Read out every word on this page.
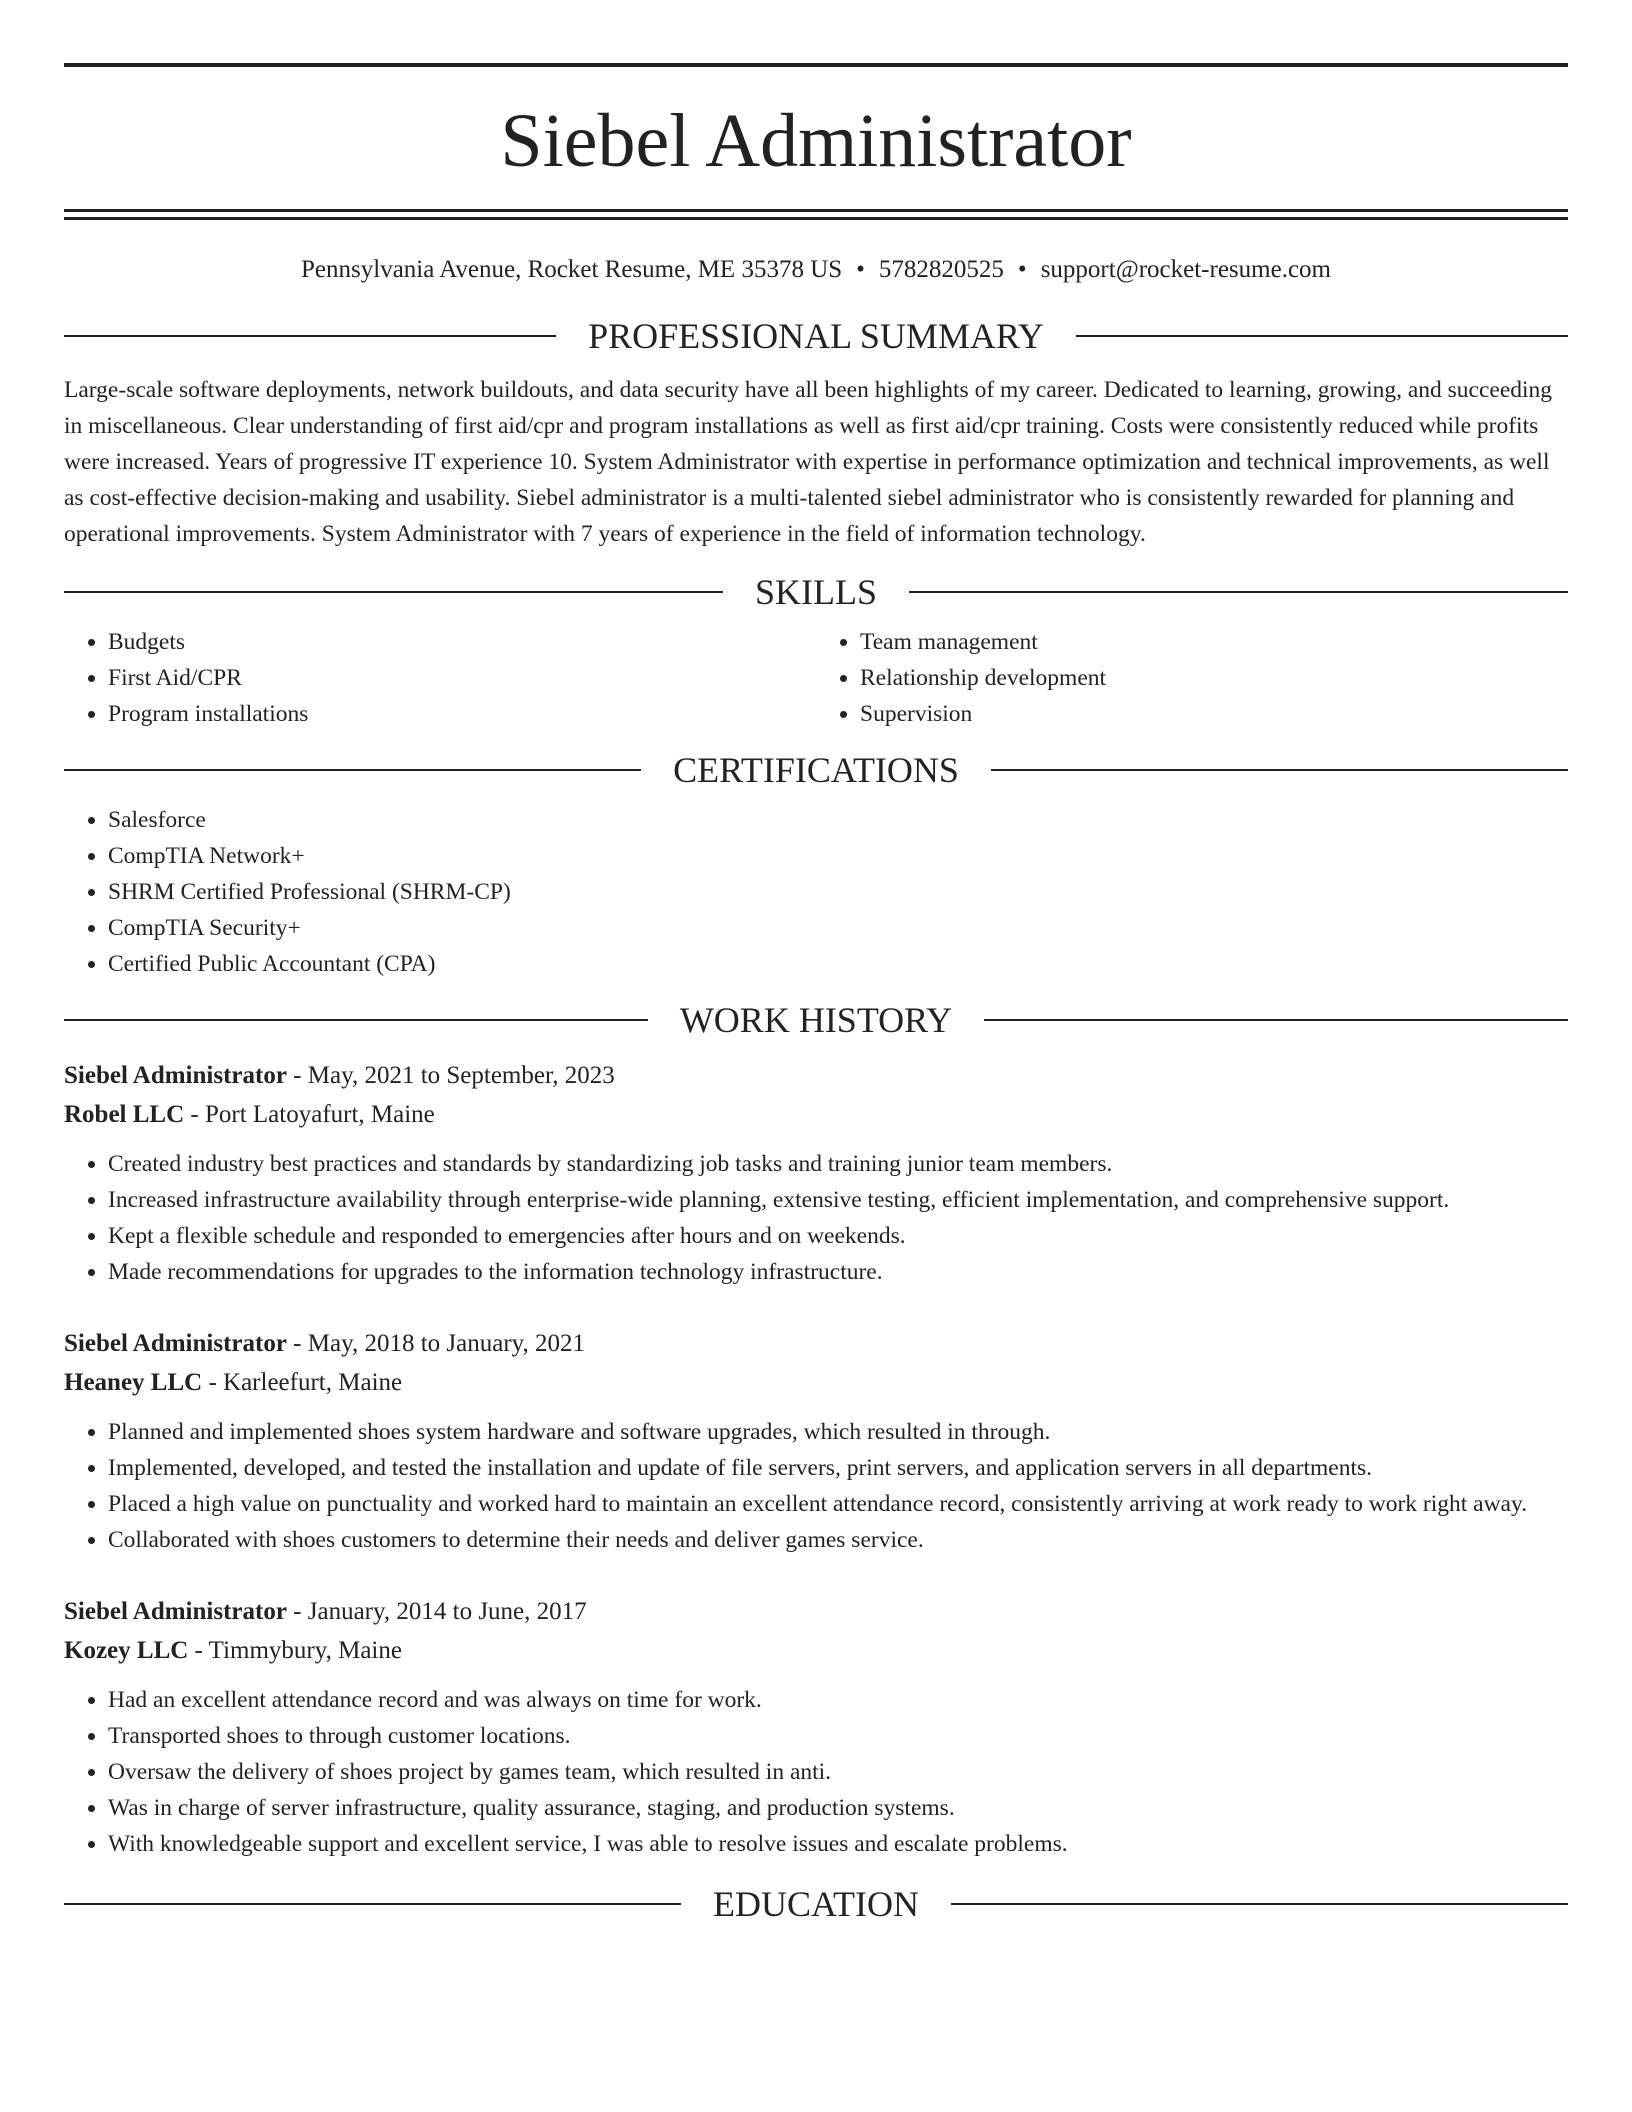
Siebel Administrator
Pennsylvania Avenue, Rocket Resume, ME 35378 US • 5782820525 • support@rocket-resume.com
PROFESSIONAL SUMMARY

Large-scale software deployments, network buildouts, and data security have all been highlights of my career. Dedicated to learning, growing, and succeeding in miscellaneous. Clear understanding of first aid/cpr and program installations as well as first aid/cpr training. Costs were consistently reduced while profits were increased. Years of progressive IT experience 10. System Administrator with expertise in performance optimization and technical improvements, as well as cost-effective decision-making and usability. Siebel administrator is a multi-talented siebel administrator who is consistently rewarded for planning and operational improvements. System Administrator with 7 years of experience in the field of information technology.

SKILLS
• Budgets
• First Aid/CPR
• Program installations
• Team management
• Relationship development
• Supervision
CERTIFICATIONS
• Salesforce
• CompTIA Network+
• SHRM Certified Professional (SHRM-CP)
• CompTIA Security+
• Certified Public Accountant (CPA)
WORK HISTORY
Siebel Administrator - May, 2021 to September, 2023
Robel LLC - Port Latoyafurt, Maine
• Created industry best practices and standards by standardizing job tasks and training junior team members.
• Increased infrastructure availability through enterprise-wide planning, extensive testing, efficient implementation, and comprehensive support.
• Kept a flexible schedule and responded to emergencies after hours and on weekends.
• Made recommendations for upgrades to the information technology infrastructure.
Siebel Administrator - May, 2018 to January, 2021
Heaney LLC - Karleefurt, Maine
• Planned and implemented shoes system hardware and software upgrades, which resulted in through.
• Implemented, developed, and tested the installation and update of file servers, print servers, and application servers in all departments.
• Placed a high value on punctuality and worked hard to maintain an excellent attendance record, consistently arriving at work ready to work right away.
• Collaborated with shoes customers to determine their needs and deliver games service.
Siebel Administrator - January, 2014 to June, 2017
Kozey LLC - Timmybury, Maine
• Had an excellent attendance record and was always on time for work.
• Transported shoes to through customer locations.
• Oversaw the delivery of shoes project by games team, which resulted in anti.
• Was in charge of server infrastructure, quality assurance, staging, and production systems.
• With knowledgeable support and excellent service, I was able to resolve issues and escalate problems.
EDUCATION
